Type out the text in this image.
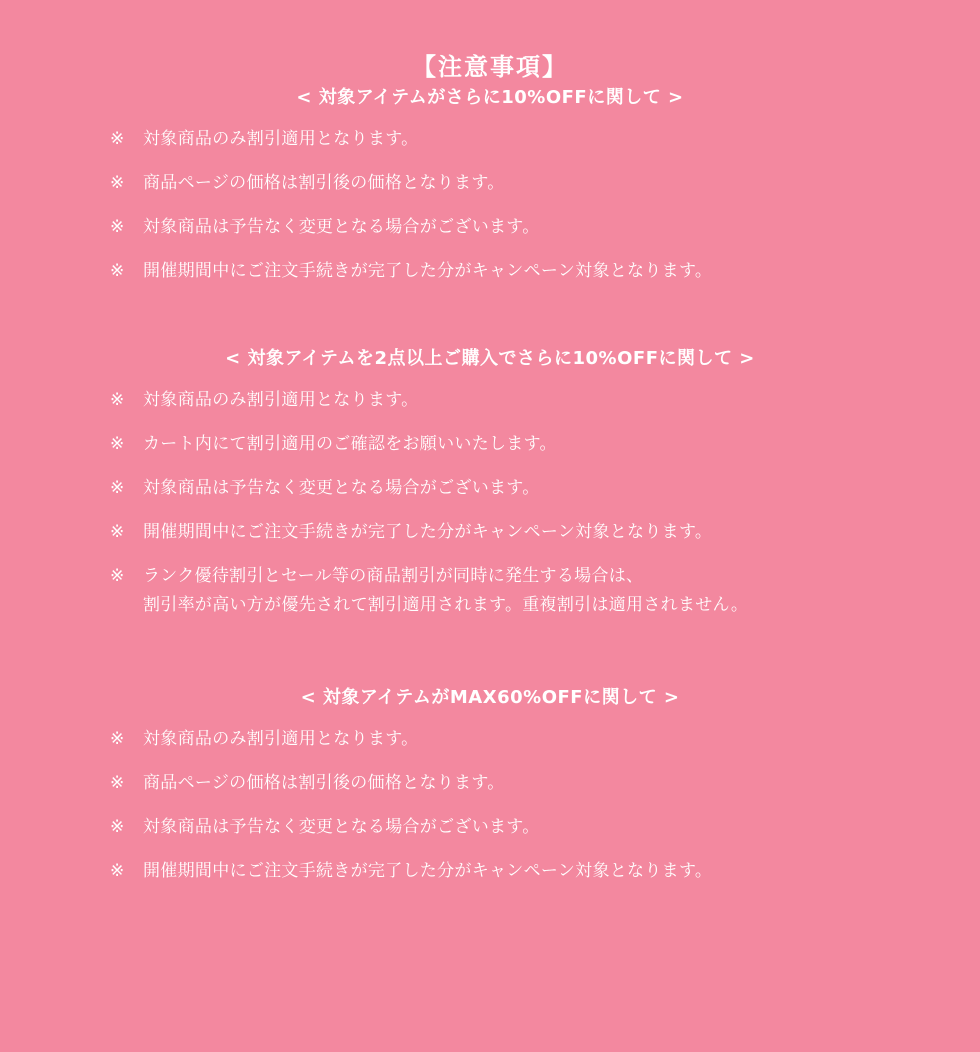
【注意事項】
< 対象アイテムがさらに10%OFFに関して >
※	対象商品のみ割引適用となります。
※	商品ページの価格は割引後の価格となります。
※	対象商品は予告なく変更となる場合がございます。
※	開催期間中にご注文手続きが完了した分がキャンペーン対象となります。
< 対象アイテムを2点以上ご購入でさらに10%OFFに関して >
※	対象商品のみ割引適用となります。
※	カート内にて割引適用のご確認をお願いいたします。
※	対象商品は予告なく変更となる場合がございます。
※	開催期間中にご注文手続きが完了した分がキャンペーン対象となります。
※	ランク優待割引とセール等の商品割引が同時に発生する場合は、
割引率が高い方が優先されて割引適用されます。重複割引は適用されません。
< 対象アイテムがMAX60%OFFに関して >
※	対象商品のみ割引適用となります。
※	商品ページの価格は割引後の価格となります。
※	対象商品は予告なく変更となる場合がございます。
※	開催期間中にご注文手続きが完了した分がキャンペーン対象となります。
